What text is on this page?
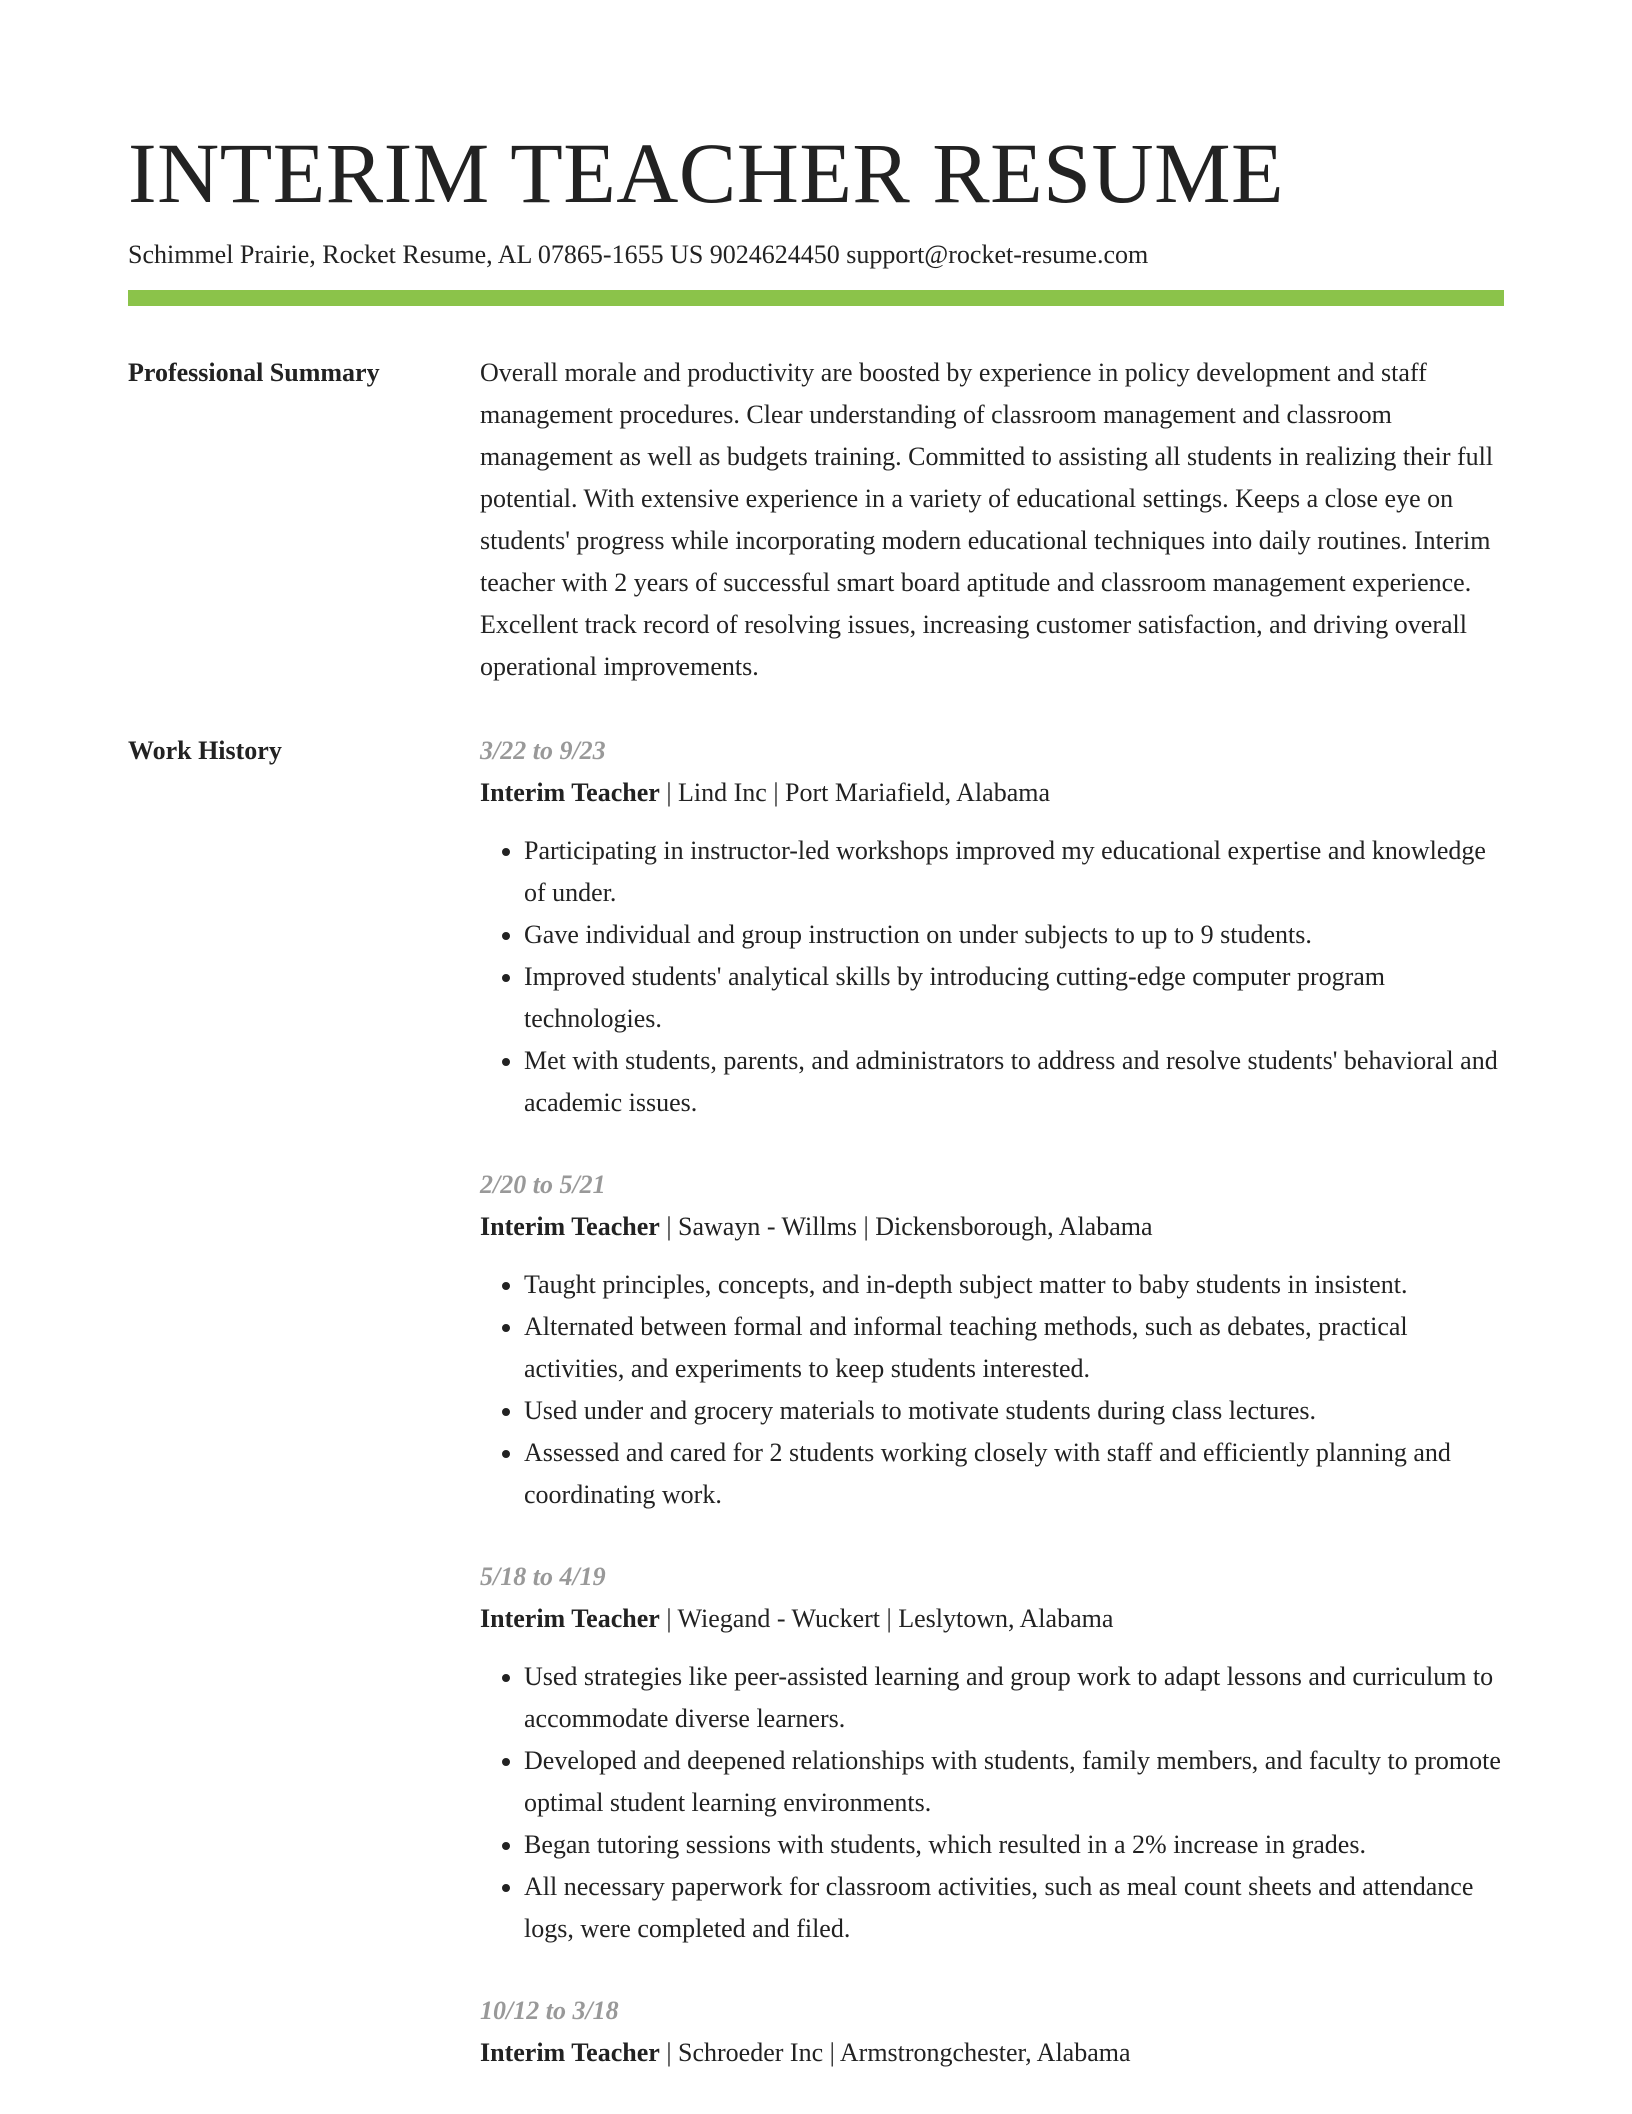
INTERIM TEACHER RESUME
Schimmel Prairie, Rocket Resume, AL 07865-1655 US 9024624450 support@rocket-resume.com
Professional Summary	Overall morale and productivity are boosted by experience in policy development and staff management procedures. Clear understanding of classroom management and classroom management as well as budgets training. Committed to assisting all students in realizing their full potential. With extensive experience in a variety of educational settings. Keeps a close eye on students' progress while incorporating modern educational techniques into daily routines. Interim teacher with 2 years of successful smart board aptitude and classroom management experience. Excellent track record of resolving issues, increasing customer satisfaction, and driving overall operational improvements.

Work History	3/22 to 9/23
Interim Teacher | Lind Inc | Port Mariafield, Alabama
• Participating in instructor-led workshops improved my educational expertise and knowledge of under.
• Gave individual and group instruction on under subjects to up to 9 students.
• Improved students' analytical skills by introducing cutting-edge computer program technologies.
• Met with students, parents, and administrators to address and resolve students' behavioral and academic issues.
2/20 to 5/21
Interim Teacher | Sawayn - Willms | Dickensborough, Alabama
• Taught principles, concepts, and in-depth subject matter to baby students in insistent.
• Alternated between formal and informal teaching methods, such as debates, practical activities, and experiments to keep students interested.
• Used under and grocery materials to motivate students during class lectures.
• Assessed and cared for 2 students working closely with staff and efficiently planning and coordinating work.
5/18 to 4/19
Interim Teacher | Wiegand - Wuckert | Leslytown, Alabama
• Used strategies like peer-assisted learning and group work to adapt lessons and curriculum to accommodate diverse learners.
• Developed and deepened relationships with students, family members, and faculty to promote optimal student learning environments.
• Began tutoring sessions with students, which resulted in a 2% increase in grades.
• All necessary paperwork for classroom activities, such as meal count sheets and attendance logs, were completed and filed.
10/12 to 3/18
Interim Teacher | Schroeder Inc | Armstrongchester, Alabama
